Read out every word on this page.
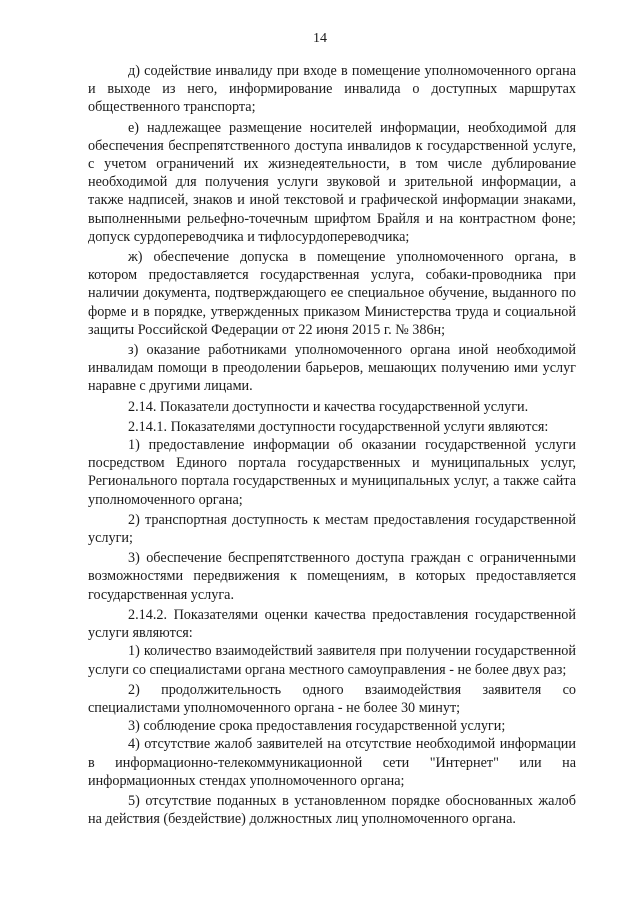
14

д) содействие инвалиду при входе в помещение уполномоченного органа и выходе из него, информирование инвалида о доступных маршрутах общественного транспорта;

е) надлежащее размещение носителей информации, необходимой для обеспечения беспрепятственного доступа инвалидов к государственной услуге, с учетом ограничений их жизнедеятельности, в том числе дублирование необходимой для получения услуги звуковой и зрительной информации, а также надписей, знаков и иной текстовой и графической информации знаками, выполненными рельефно-точечным шрифтом Брайля и на контрастном фоне; допуск сурдопереводчика и тифлосурдопереводчика;

ж) обеспечение допуска в помещение уполномоченного органа, в котором предоставляется государственная услуга, собаки-проводника при наличии документа, подтверждающего ее специальное обучение, выданного по форме и в порядке, утвержденных приказом Министерства труда и социальной защиты Российской Федерации от 22 июня 2015 г. № 386н;

з) оказание работниками уполномоченного органа иной необходимой инвалидам помощи в преодолении барьеров, мешающих получению ими услуг наравне с другими лицами.

2.14. Показатели доступности и качества государственной услуги.

2.14.1. Показателями доступности государственной услуги являются:

1) предоставление информации об оказании государственной услуги посредством Единого портала государственных и муниципальных услуг, Регионального портала государственных и муниципальных услуг, а также сайта уполномоченного органа;

2) транспортная доступность к местам предоставления государственной услуги;

3) обеспечение беспрепятственного доступа граждан с ограниченными возможностями передвижения к помещениям, в которых предоставляется государственная услуга.

2.14.2. Показателями оценки качества предоставления государственной услуги являются:

1) количество взаимодействий заявителя при получении государственной услуги со специалистами органа местного самоуправления - не более двух раз;

2) продолжительность одного взаимодействия заявителя со специалистами уполномоченного органа - не более 30 минут;

3) соблюдение срока предоставления государственной услуги;

4) отсутствие жалоб заявителей на отсутствие необходимой информации в информационно-телекоммуникационной сети "Интернет" или на информационных стендах уполномоченного органа;

5) отсутствие поданных в установленном порядке обоснованных жалоб на действия (бездействие) должностных лиц уполномоченного органа.
